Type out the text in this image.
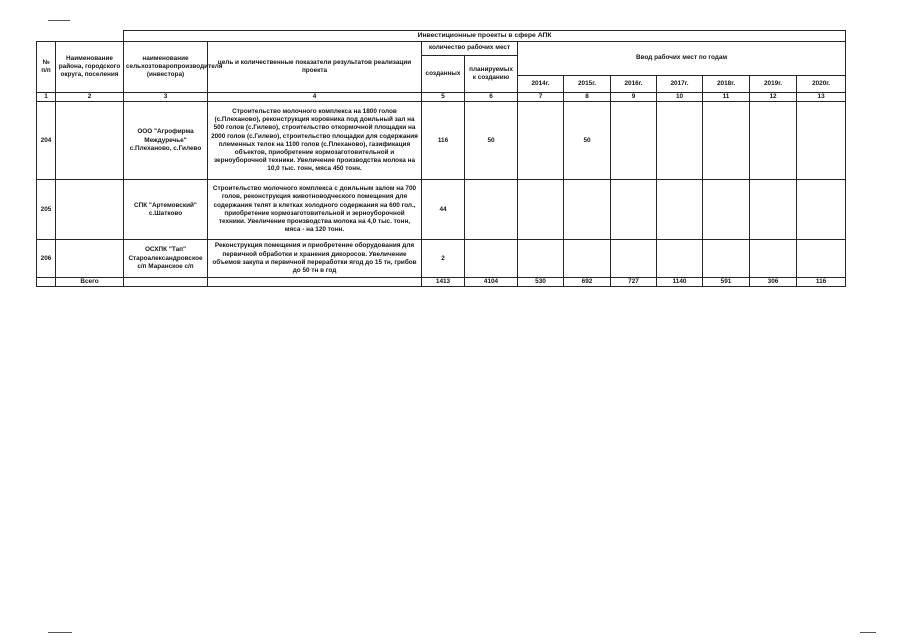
		Инвестиционные проекты в сфере АПК										
№ п/п	Наименование района, городского округа, поселения	наименование сельхозтоваропроизводителя (инвестора)	цель и количественные показатели результатов реализации проекта	количество рабочих мест		Ввод рабочих мест по годам						
				созданных	планируемых к созданию							
						2014г.	2015г.	2016г.	2017г.	2018г.	2019г.	2020г.
1	2	3	4	5	6	7	8	9	10	11	12	13
204		ООО "Агрофирма Междуречье" с.Плеханово, с.Гилево	Строительство молочного комплекса на 1800 голов (с.Плеханово), реконструкция коровника под доильный зал на 500 голов (с.Гилево), строительство откормочной площадки на 2000 голов (с.Гилево), строительство площадки для содержания племенных телок на 1100 голов (с.Плеханово), газификация объектов, приобретение кормозаготовительной и зерноуборочной техники. Увеличение производства молока на 10,0 тыс. тонн, мяса 450 тонн.	116	50		50					
205		СПК "Артемовский" с.Шатково	Строительство молочного комплекса с доильным залом на 700 голов, реконструкция животноводческого помещения для содержания телят в клетках холодного содержания на 600 гол., приобретение кормозаготовительной и зерноуборочной техники. Увеличение производства молока на 4,0 тыс. тонн, мяса - на 120 тонн.	44								
206		ОСХПК "Тап" Староалександровское с/п Маранское с/п	Реконструкция помещения и приобретение оборудования для первичной обработки и хранения дикоросов. Увеличение объемов закупа и первичной переработки ягод до 15 тн, грибов до 50 тн в год	2								
	Всего			1413	4104	530	692	727	1140	591	306	116
